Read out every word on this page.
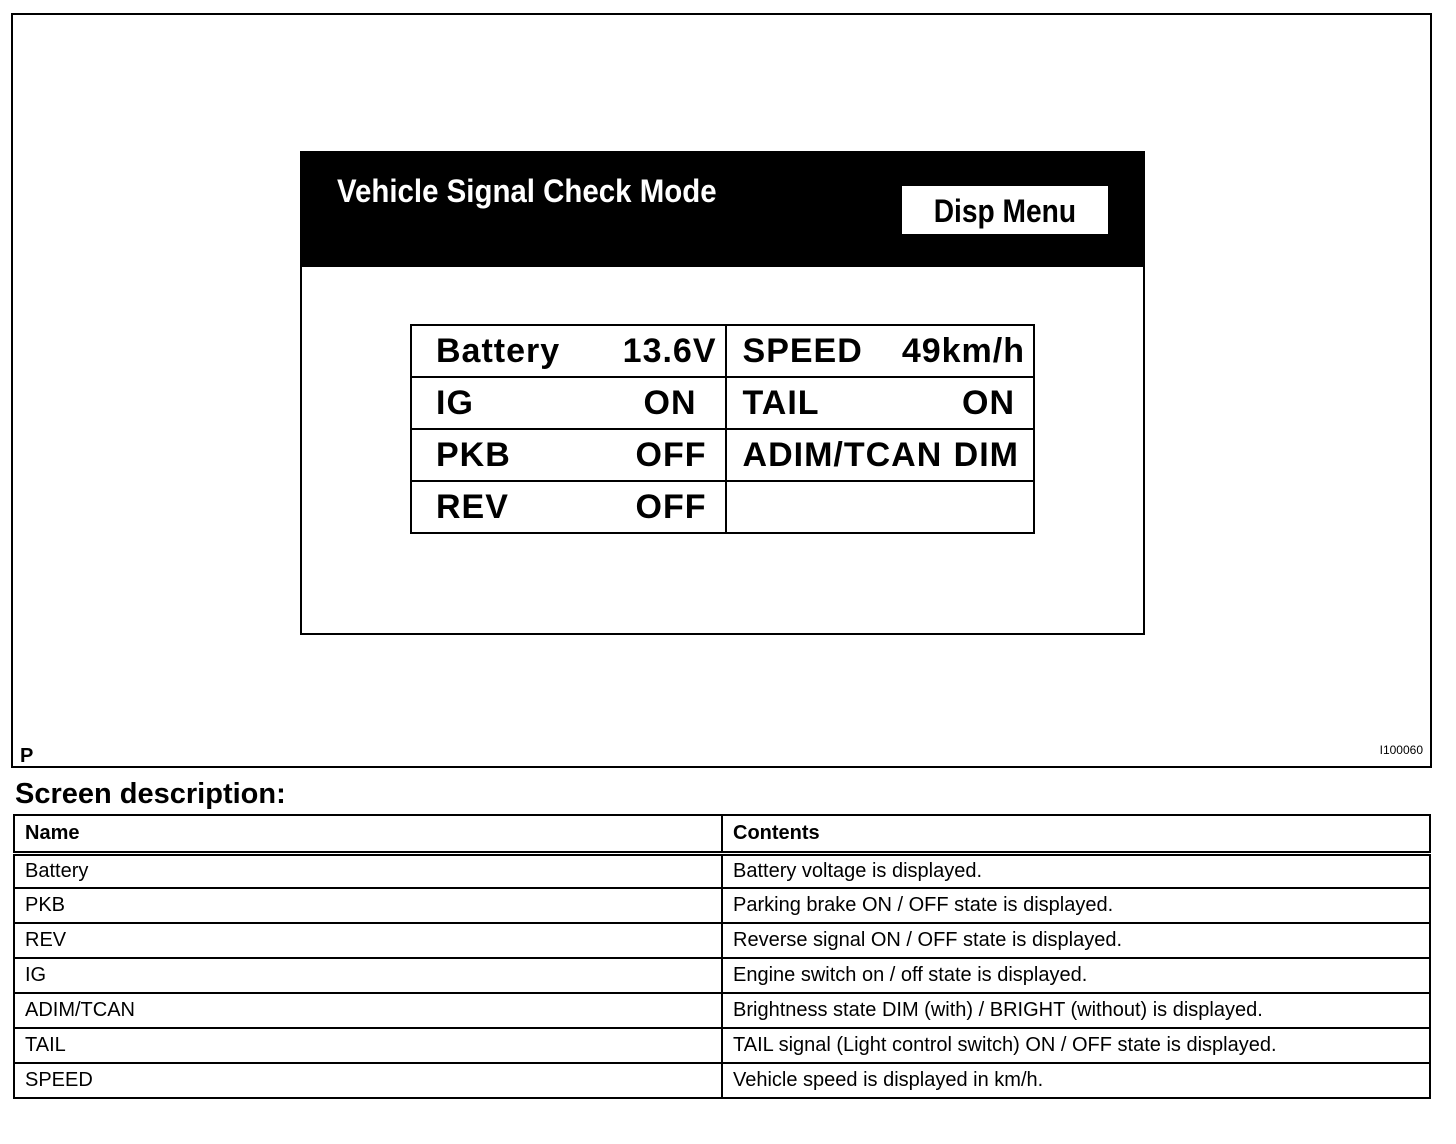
Vehicle Signal Check Mode
Disp Menu
Battery 13.6V	SPEED 49km/h

IG ON	TAIL ON

PKB OFF	ADIM/TCAN DIM

REV OFF	

P	I100060
Screen description:
Name	Contents
Battery	Battery voltage is displayed.
PKB	Parking brake ON / OFF state is displayed.
REV	Reverse signal ON / OFF state is displayed.
IG	Engine switch on / off state is displayed.
ADIM/TCAN	Brightness state DIM (with) / BRIGHT (without) is displayed.
TAIL	TAIL signal (Light control switch) ON / OFF state is displayed.
SPEED	Vehicle speed is displayed in km/h.
